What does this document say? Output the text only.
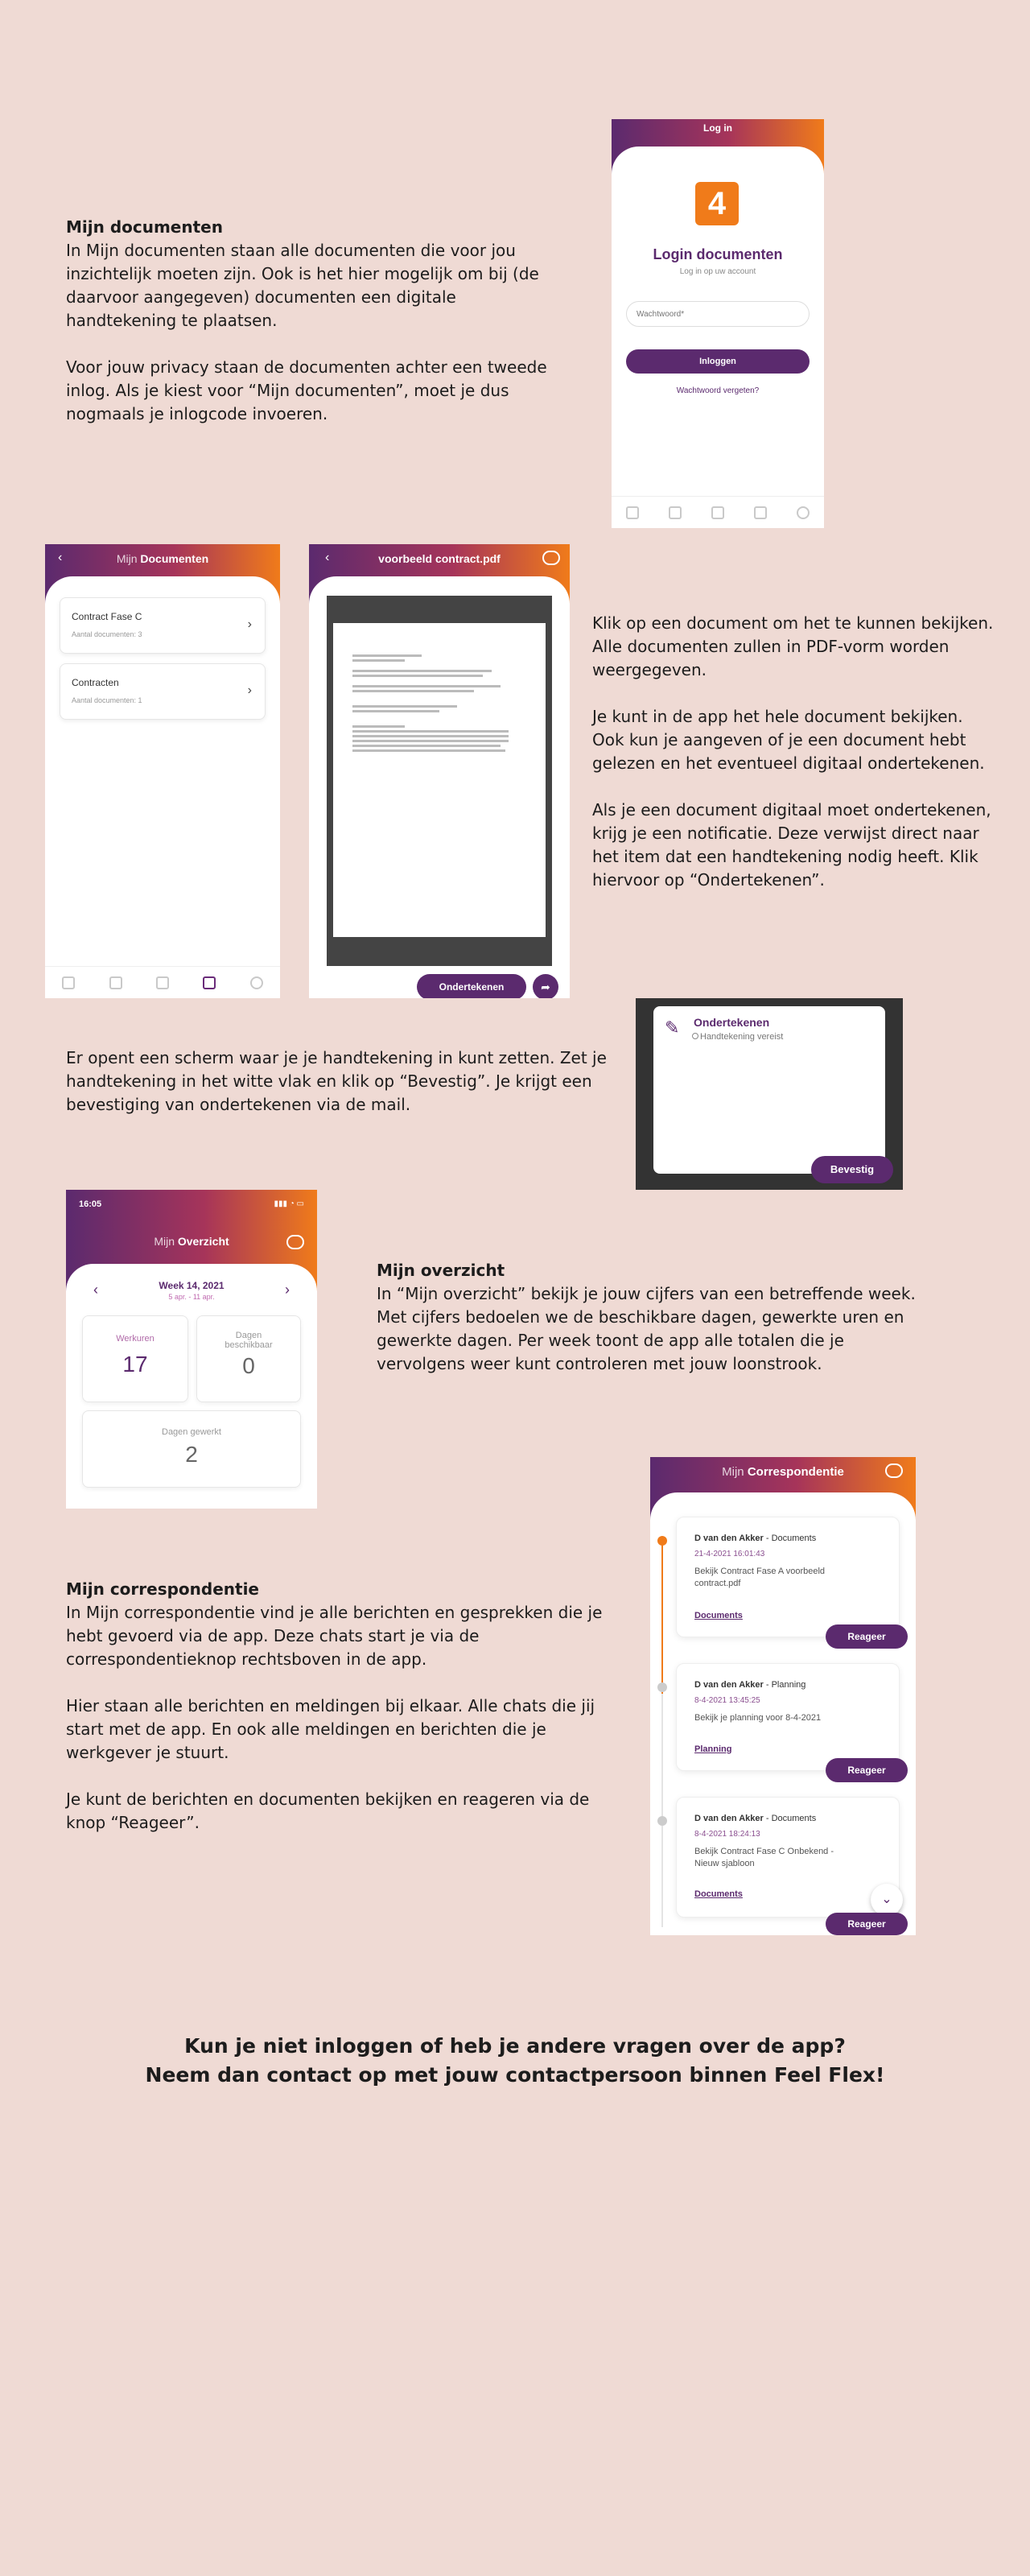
Mijn documenten

In Mijn documenten staan alle documenten die voor jou inzichtelijk moeten zijn. Ook is het hier mogelijk om bij (de daarvoor aangegeven) documenten een digitale handtekening te plaatsen.

Voor jouw privacy staan de documenten achter een tweede inlog. Als je kiest voor “Mijn documenten”, moet je dus nogmaals je inlogcode invoeren.

Log in
4
Login documenten
Log in op uw account
Wachtwoord*
Inloggen
Wachtwoord vergeten?
‹	Mijn Documenten
Contract Fase C
Aantal documenten: 3
›
Contracten
Aantal documenten: 1
›
‹	voorbeeld contract.pdf
Ondertekenen	➦

Klik op een document om het te kunnen bekijken. Alle documenten zullen in PDF-vorm worden weergegeven.

Je kunt in de app het hele document bekijken. Ook kun je aangeven of je een document hebt gelezen en het eventueel digitaal ondertekenen.

Als je een document digitaal moet ondertekenen, krijg je een notificatie. Deze verwijst direct naar het item dat een handtekening nodig heeft. Klik hiervoor op “Ondertekenen”.

Er opent een scherm waar je je handtekening in kunt zetten. Zet je handtekening in het witte vlak en klik op “Bevestig”. Je krijgt een bevestiging van ondertekenen via de mail.

✎ Ondertekenen
Handtekening vereist
Bevestig
16:05	▮▮▮ ◔ ▭
Mijn Overzicht
‹	›
Week 14, 2021
5 apr. - 11 apr.
Werkuren
17
Dagen beschikbaar
0
Dagen gewerkt
2
Mijn overzicht

In “Mijn overzicht” bekijk je jouw cijfers van een betreffende week. Met cijfers bedoelen we de beschikbare dagen, gewerkte uren en gewerkte dagen. Per week toont de app alle totalen die je vervolgens weer kunt controleren met jouw loonstrook.

Mijn correspondentie

In Mijn correspondentie vind je alle berichten en gesprekken die je hebt gevoerd via de app. Deze chats start je via de correspondentieknop rechtsboven in de app.

Hier staan alle berichten en meldingen bij elkaar. Alle chats die jij start met de app. En ook alle meldingen en berichten die je werkgever je stuurt.

Je kunt de berichten en documenten bekijken en reageren via de knop “Reageer”.

Mijn Correspondentie
D van den Akker - Documents
21-4-2021 16:01:43
Bekijk Contract Fase A voorbeeld contract.pdf
Documents
Reageer
D van den Akker - Planning
8-4-2021 13:45:25
Bekijk je planning voor 8-4-2021
Planning
Reageer
D van den Akker - Documents
8-4-2021 18:24:13
Bekijk Contract Fase C Onbekend - Nieuw sjabloon
Documents	⌄
Reageer
Kun je niet inloggen of heb je andere vragen over de app?
Neem dan contact op met jouw contactpersoon binnen Feel Flex!
